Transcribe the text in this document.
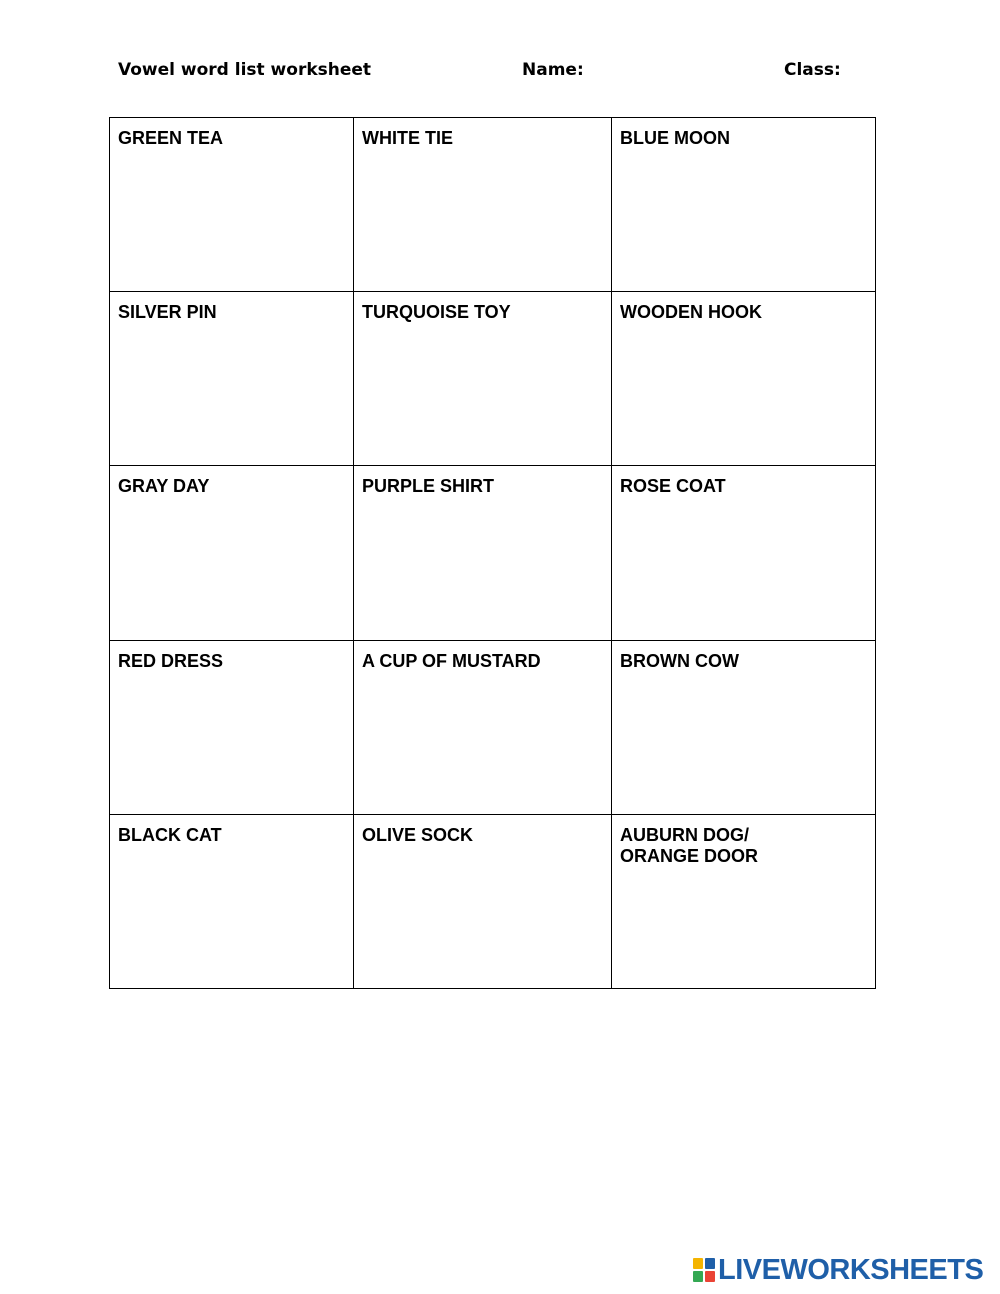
Vowel word list worksheet	Name:	Class:
GREEN TEA	WHITE TIE	BLUE MOON

SILVER PIN	TURQUOISE TOY	WOODEN HOOK

GRAY DAY	PURPLE SHIRT	ROSE COAT

RED DRESS	A CUP OF MUSTARD	BROWN COW

BLACK CAT	OLIVE SOCK	AUBURN DOG/
ORANGE DOOR
LIVEWORKSHEETS
